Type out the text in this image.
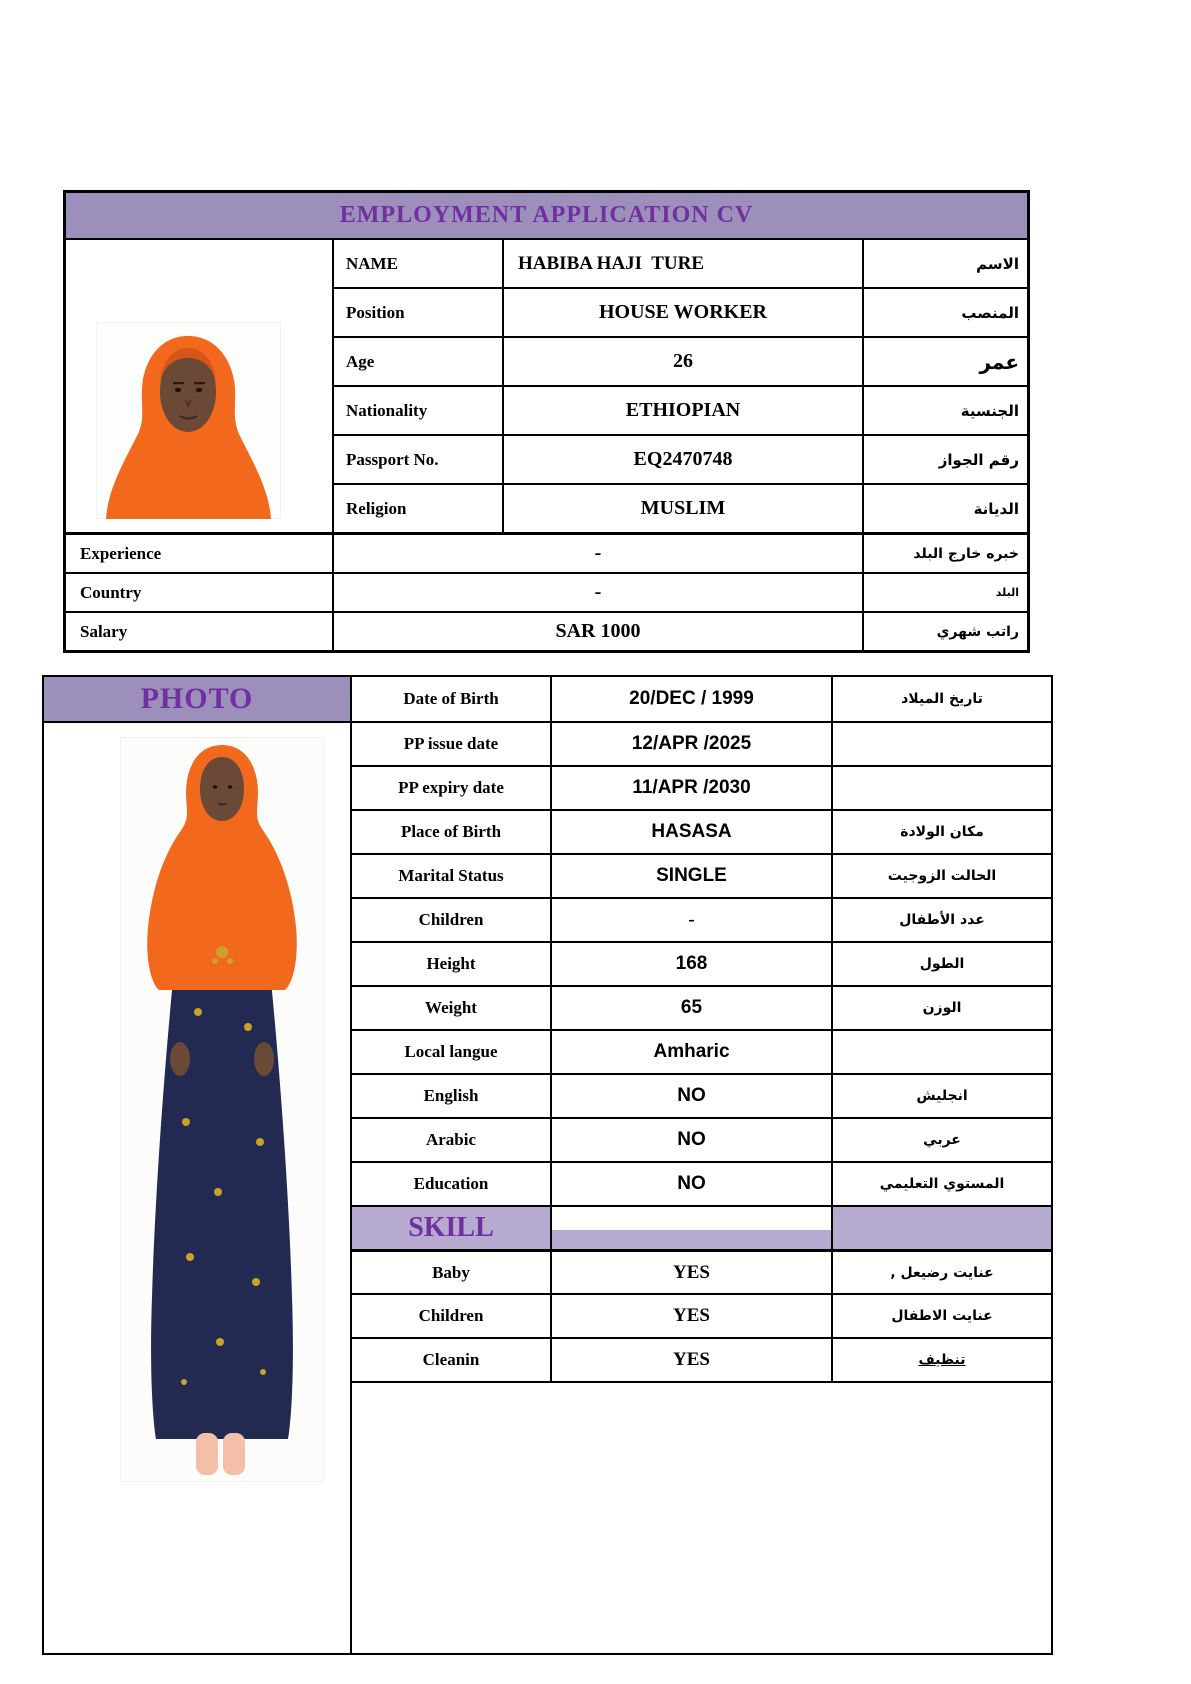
EMPLOYMENT APPLICATION CV
NAME	HABIBA HAJI  TURE	الاسم
Position	HOUSE WORKER	المنصب
Age	26	عمر
Nationality	ETHIOPIAN	الجنسية
Passport No.	EQ2470748	رقم الجواز
Religion	MUSLIM	الديانة
Experience	-	خبره خارج البلد
Country	-	البلد
Salary	SAR 1000	راتب شهري
PHOTO	Date of Birth	20/DEC / 1999	تاريخ الميلاد
PP issue date	12/APR /2025
PP expiry date	11/APR /2030
Place of Birth	HASASA	مكان الولادة
Marital Status	SINGLE	الحالت الزوجيت
Children	-	عدد الأطفال
Height	168	الطول
Weight	65	الوزن
Local langue	Amharic
English	NO	انجليش
Arabic	NO	عربي
Education	NO	المستوي التعليمي
SKILL
Baby	YES	عنايت رضيعل ,
Children	YES	عنايت الاطفال
Cleanin	YES	تنظيف
